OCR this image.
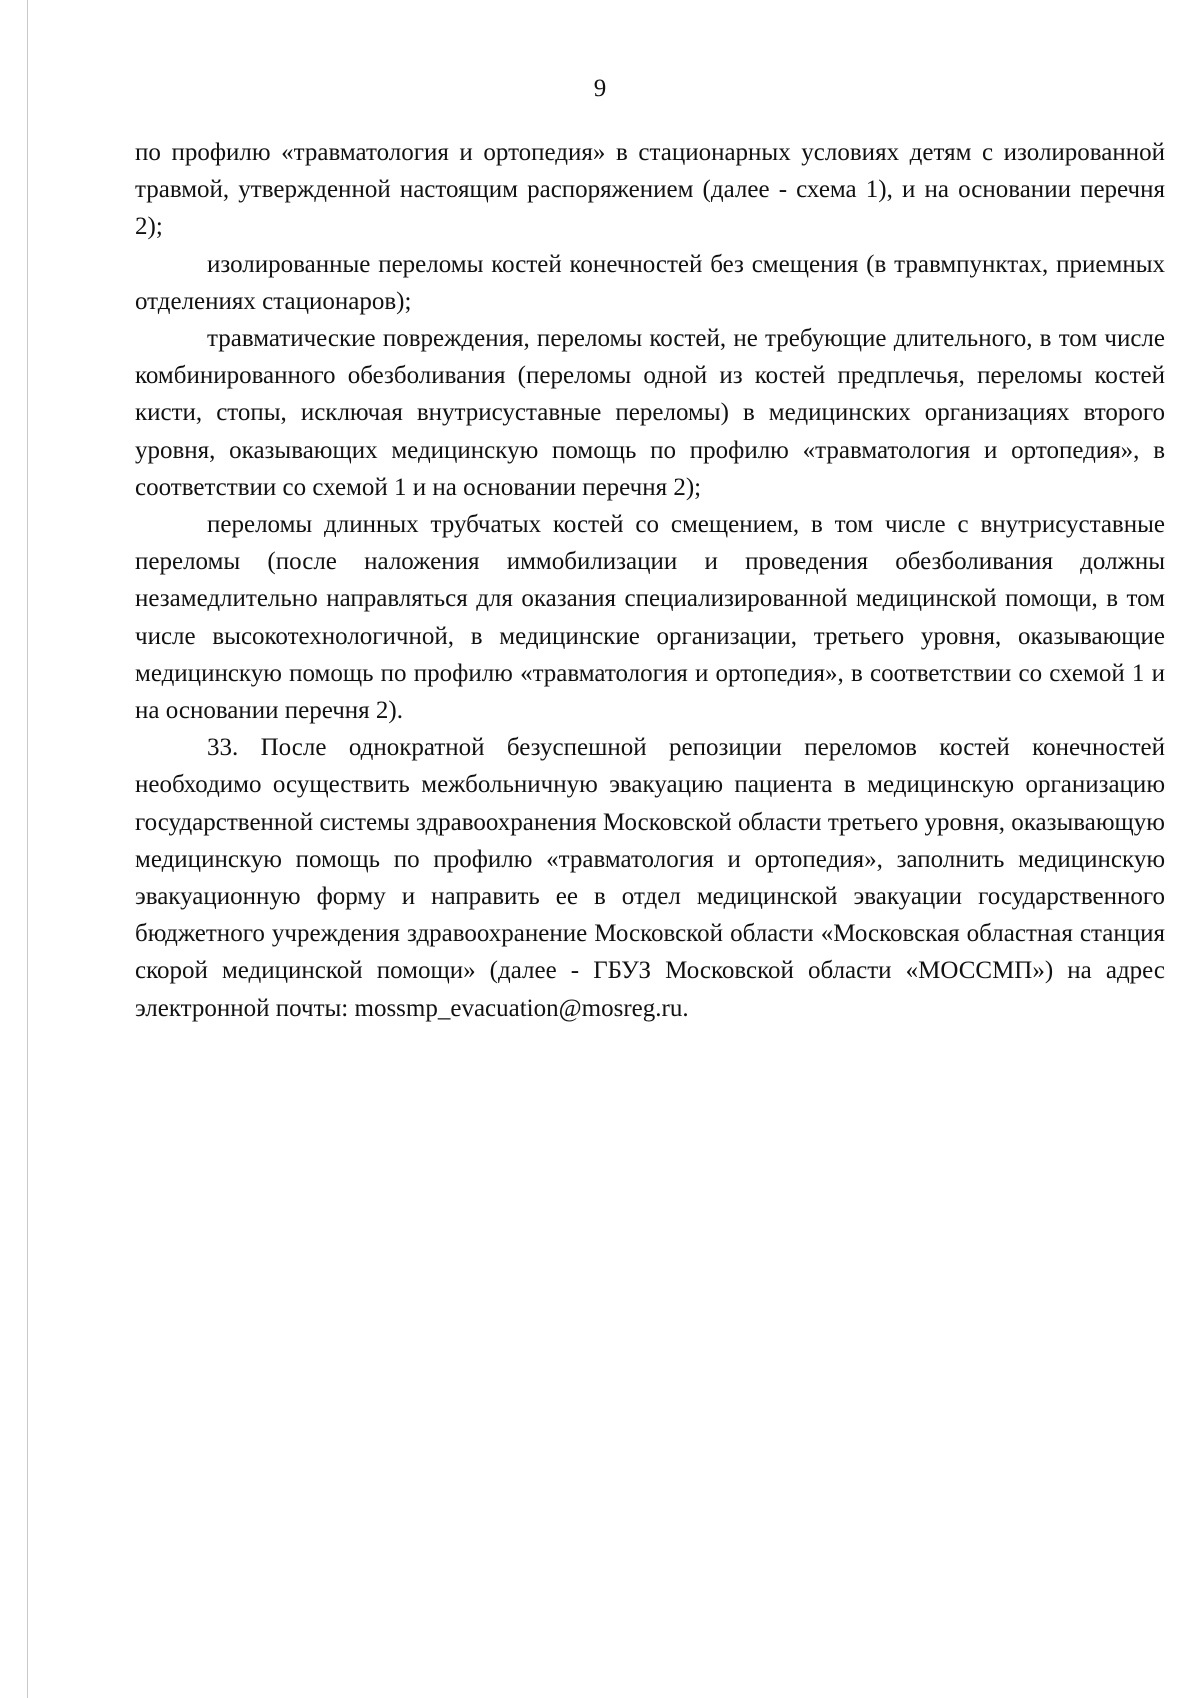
9

по профилю «травматология и ортопедия» в стационарных условиях детям с изолированной травмой, утвержденной настоящим распоряжением (далее - схема 1), и на основании перечня 2);

изолированные переломы костей конечностей без смещения (в травмпунктах, приемных отделениях стационаров);

травматические повреждения, переломы костей, не требующие длительного, в том числе комбинированного обезболивания (переломы одной из костей предплечья, переломы костей кисти, стопы, исключая внутрисуставные переломы) в медицинских организациях второго уровня, оказывающих медицинскую помощь по профилю «травматология и ортопедия», в соответствии со схемой 1 и на основании перечня 2);

переломы длинных трубчатых костей со смещением, в том числе с внутрисуставные переломы (после наложения иммобилизации и проведения обезболивания должны незамедлительно направляться для оказания специализированной медицинской помощи, в том числе высокотехнологичной, в медицинские организации, третьего уровня, оказывающие медицинскую помощь по профилю «травматология и ортопедия», в соответствии со схемой 1 и на основании перечня 2).

33. После однократной безуспешной репозиции переломов костей конечностей необходимо осуществить межбольничную эвакуацию пациента в медицинскую организацию государственной системы здравоохранения Московской области третьего уровня, оказывающую медицинскую помощь по профилю «травматология и ортопедия», заполнить медицинскую эвакуационную форму и направить ее в отдел медицинской эвакуации государственного бюджетного учреждения здравоохранение Московской области «Московская областная станция скорой медицинской помощи» (далее - ГБУЗ Московской области «МОССМП») на адрес электронной почты: mossmp_evacuation@mosreg.ru.
